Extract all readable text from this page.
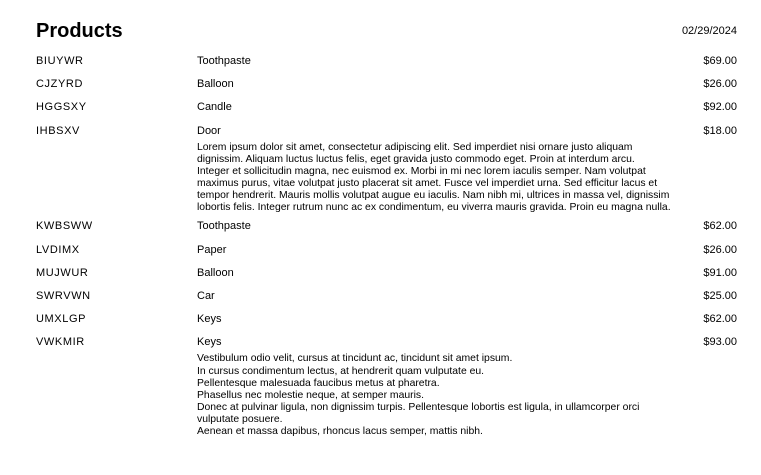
Products	02/29/2024
BIUYWR	Toothpaste	$69.00
CJZYRD	Balloon	$26.00
HGGSXY	Candle	$92.00
IHBSXV	Door	$18.00
Lorem ipsum dolor sit amet, consectetur adipiscing elit. Sed imperdiet nisi ornare justo aliquam
dignissim. Aliquam luctus luctus felis, eget gravida justo commodo eget. Proin at interdum arcu.
Integer et sollicitudin magna, nec euismod ex. Morbi in mi nec lorem iaculis semper. Nam volutpat
maximus purus, vitae volutpat justo placerat sit amet. Fusce vel imperdiet urna. Sed efficitur lacus et
tempor hendrerit. Mauris mollis volutpat augue eu iaculis. Nam nibh mi, ultrices in massa vel, dignissim
lobortis felis. Integer rutrum nunc ac ex condimentum, eu viverra mauris gravida. Proin eu magna nulla.
KWBSWW	Toothpaste	$62.00
LVDIMX	Paper	$26.00
MUJWUR	Balloon	$91.00
SWRVWN	Car	$25.00
UMXLGP	Keys	$62.00
VWKMIR	Keys	$93.00
Vestibulum odio velit, cursus at tincidunt ac, tincidunt sit amet ipsum.
In cursus condimentum lectus, at hendrerit quam vulputate eu.
Pellentesque malesuada faucibus metus at pharetra.
Phasellus nec molestie neque, at semper mauris.
Donec at pulvinar ligula, non dignissim turpis. Pellentesque lobortis est ligula, in ullamcorper orci
vulputate posuere.
Aenean et massa dapibus, rhoncus lacus semper, mattis nibh.
